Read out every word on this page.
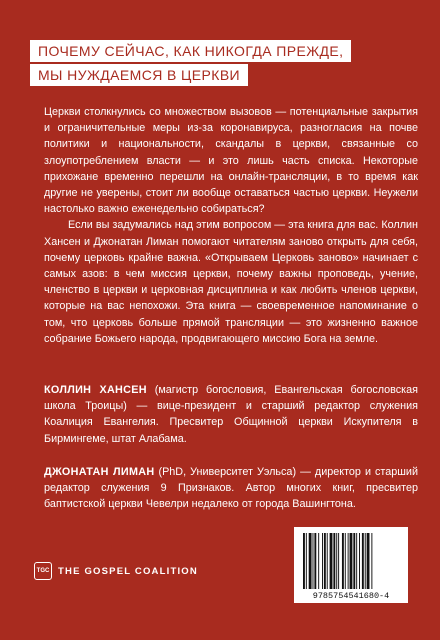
ПОЧЕМУ СЕЙЧАС, КАК НИКОГДА ПРЕЖДЕ,
МЫ НУЖДАЕМСЯ В ЦЕРКВИ

Церкви столкнулись со множеством вызовов — потенциальные закрытия и ограничительные меры из-за коронавируса, разногласия на почве политики и национальности, скандалы в церкви, связанные со злоупотреблением власти — и это лишь часть списка. Некоторые прихожане временно перешли на онлайн-трансляции, в то время как другие не уверены, стоит ли вообще оставаться частью церкви. Неужели настолько важно еженедельно собираться?

Если вы задумались над этим вопросом — эта книга для вас. Коллин Хансен и Джонатан Лиман помогают читателям заново открыть для себя, почему церковь крайне важна. «Открываем Церковь заново» начинает с самых азов: в чем миссия церкви, почему важны проповедь, учение, членство в церкви и церковная дисциплина и как любить членов церкви, которые на вас непохожи. Эта книга — своевременное напоминание о том, что церковь больше прямой трансляции — это жизненно важное собрание Божьего народа, продвигающего миссию Бога на земле.

КОЛЛИН ХАНСЕН (магистр богословия, Евангельская богословская школа Троицы) — вице-президент и старший редактор служения Коалиция Евангелия. Пресвитер Общинной церкви Искупителя в Бирмингеме, штат Алабама.
ДЖОНАТАН ЛИМАН (PhD, Университет Уэльса) — директор и старший редактор служения 9 Признаков. Автор многих книг, пресвитер баптистской церкви Чевелри недалеко от города Вашингтона.
TGC THE GOSPEL COALITION
9785754541680-4
